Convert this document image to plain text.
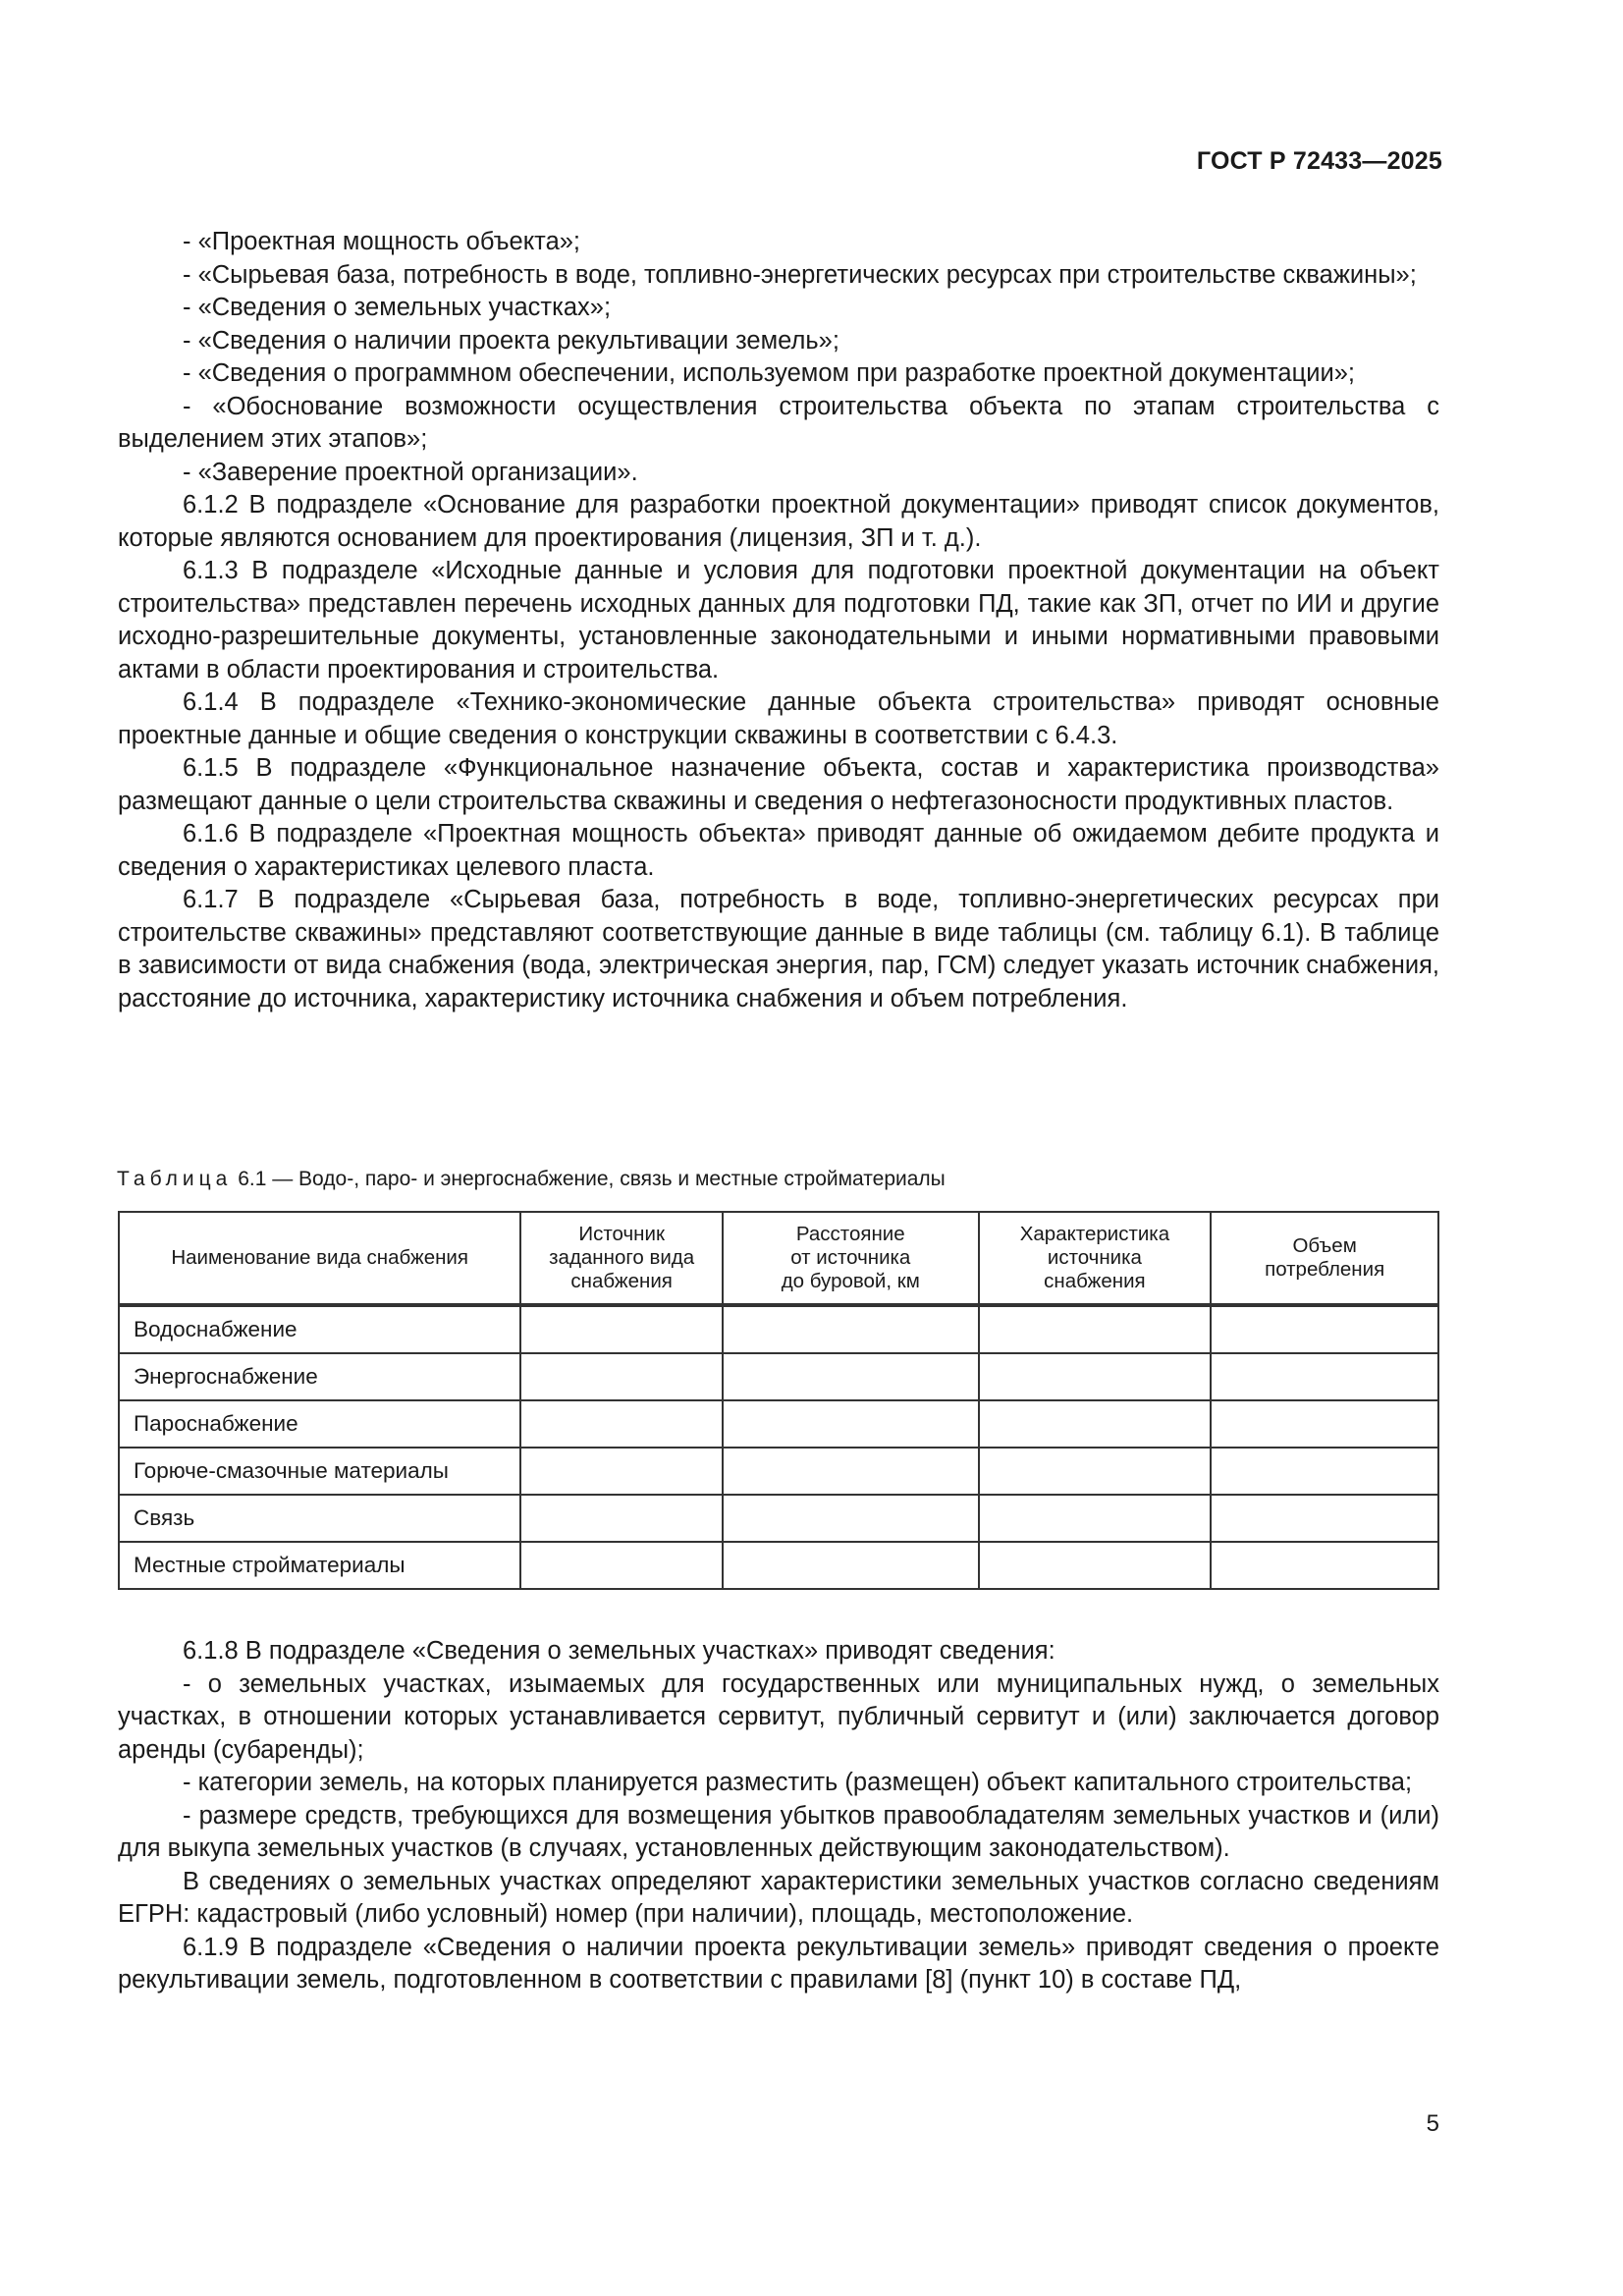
ГОСТ Р 72433—2025

- «Проектная мощность объекта»;

- «Сырьевая база, потребность в воде, топливно-энергетических ресурсах при строительстве скважины»;

- «Сведения о земельных участках»;

- «Сведения о наличии проекта рекультивации земель»;

- «Сведения о программном обеспечении, используемом при разработке проектной документации»;

- «Обоснование возможности осуществления строительства объекта по этапам строительства с выделением этих этапов»;

- «Заверение проектной организации».

6.1.2 В подразделе «Основание для разработки проектной документации» приводят список документов, которые являются основанием для проектирования (лицензия, ЗП и т. д.).

6.1.3 В подразделе «Исходные данные и условия для подготовки проектной документации на объект строительства» представлен перечень исходных данных для подготовки ПД, такие как ЗП, отчет по ИИ и другие исходно-разрешительные документы, установленные законодательными и иными нормативными правовыми актами в области проектирования и строительства.

6.1.4 В подразделе «Технико-экономические данные объекта строительства» приводят основные проектные данные и общие сведения о конструкции скважины в соответствии с 6.4.3.

6.1.5 В подразделе «Функциональное назначение объекта, состав и характеристика производства» размещают данные о цели строительства скважины и сведения о нефтегазоносности продуктивных пластов.

6.1.6 В подразделе «Проектная мощность объекта» приводят данные об ожидаемом дебите продукта и сведения о характеристиках целевого пласта.

6.1.7 В подразделе «Сырьевая база, потребность в воде, топливно-энергетических ресурсах при строительстве скважины» представляют соответствующие данные в виде таблицы (см. таблицу 6.1). В таблице в зависимости от вида снабжения (вода, электрическая энергия, пар, ГСМ) следует указать источник снабжения, расстояние до источника, характеристику источника снабжения и объем потребления.

Таблица 6.1 — Водо-, паро- и энергоснабжение, связь и местные стройматериалы
Наименование вида снабжения	Источник
заданного вида
снабжения	Расстояние
от источника
до буровой, км	Характеристика
источника
снабжения	Объем
потребления

Водоснабжение				
Энергоснабжение				
Пароснабжение				
Горюче-смазочные материалы				
Связь				
Местные стройматериалы				

6.1.8 В подразделе «Сведения о земельных участках» приводят сведения:

- о земельных участках, изымаемых для государственных или муниципальных нужд, о земельных участках, в отношении которых устанавливается сервитут, публичный сервитут и (или) заключается договор аренды (субаренды);

- категории земель, на которых планируется разместить (размещен) объект капитального строительства;

- размере средств, требующихся для возмещения убытков правообладателям земельных участков и (или) для выкупа земельных участков (в случаях, установленных действующим законодательством).

В сведениях о земельных участках определяют характеристики земельных участков согласно сведениям ЕГРН: кадастровый (либо условный) номер (при наличии), площадь, местоположение.

6.1.9 В подразделе «Сведения о наличии проекта рекультивации земель» приводят сведения о проекте рекультивации земель, подготовленном в соответствии с правилами [8] (пункт 10) в составе ПД,

5
